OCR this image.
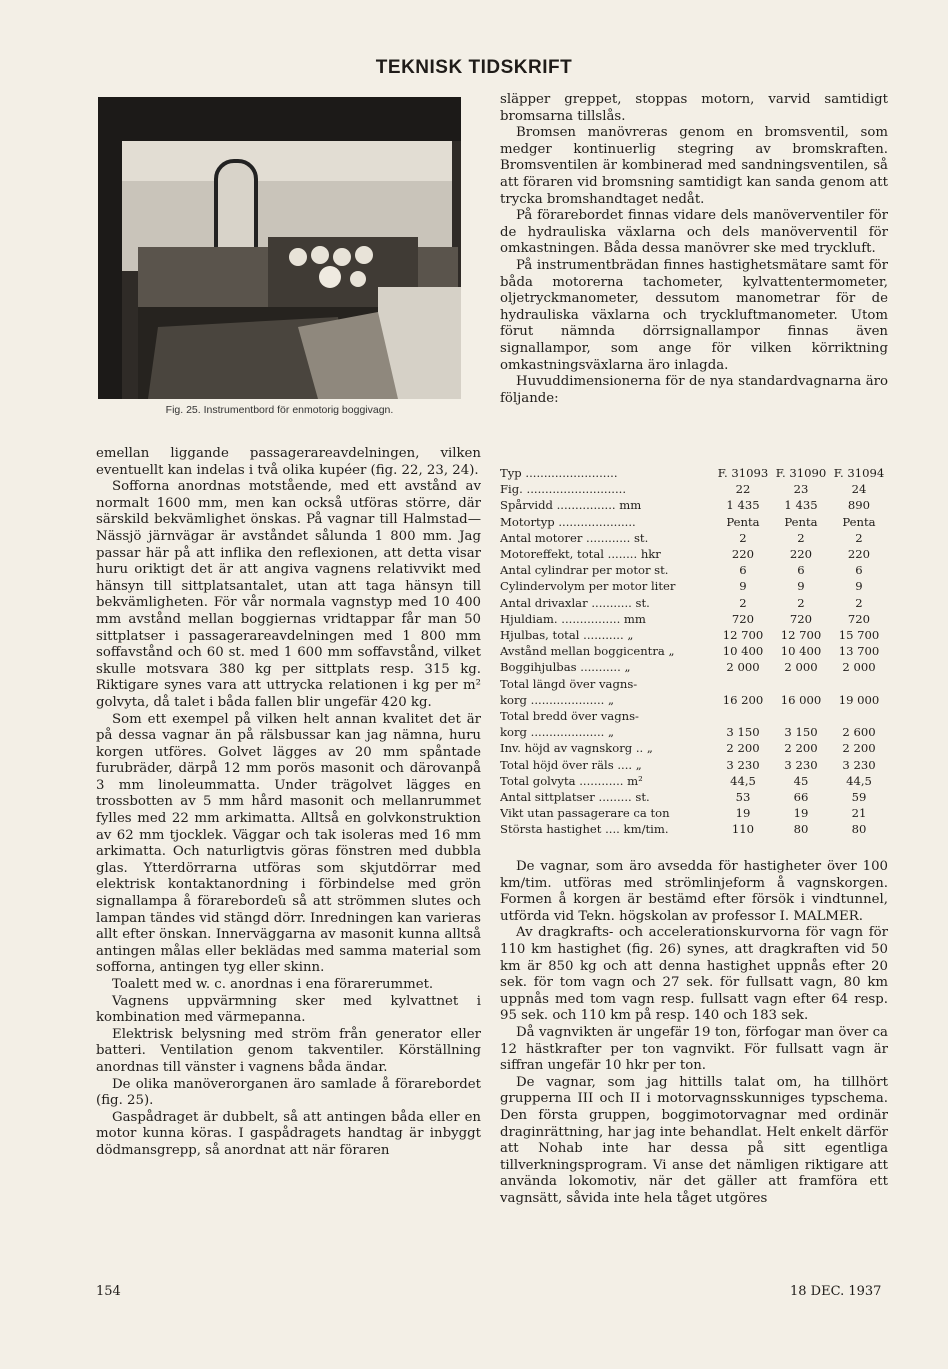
TEKNISK TIDSKRIFT
Fig. 25. Instrumentbord för enmotorig boggivagn.

emellan liggande passagerareavdelningen, vilken eventuellt kan indelas i två olika kupéer (fig. 22, 23, 24).

Sofforna anordnas motstående, med ett avstånd av normalt 1600 mm, men kan också utföras större, där särskild bekvämlighet önskas. På vagnar till Halmstad—Nässjö järnvägar är avståndet sålunda 1 800 mm. Jag passar här på att inflika den reflexionen, att detta visar huru oriktigt det är att angiva vagnens relativvikt med hänsyn till sittplatsantalet, utan att taga hänsyn till bekvämligheten. För vår normala vagnstyp med 10 400 mm avstånd mellan boggiernas vridtappar får man 50 sittplatser i passagerareavdelningen med 1 800 mm soffavstånd och 60 st. med 1 600 mm soffavstånd, vilket skulle motsvara 380 kg per sittplats resp. 315 kg. Riktigare synes vara att uttrycka relationen i kg per m² golvyta, då talet i båda fallen blir ungefär 420 kg.

Som ett exempel på vilken helt annan kvalitet det är på dessa vagnar än på rälsbussar kan jag nämna, huru korgen utföres. Golvet lägges av 20 mm spåntade furubräder, därpå 12 mm porös masonit och därovanpå 3 mm linoleummatta. Under trägolvet lägges en trossbotten av 5 mm hård masonit och mellanrummet fylles med 22 mm arkimatta. Alltså en golvkonstruktion av 62 mm tjocklek. Väggar och tak isoleras med 16 mm arkimatta. Och naturligtvis göras fönstren med dubbla glas. Ytterdörrarna utföras som skjutdörrar med elektrisk kontaktanordning i förbindelse med grön signallampa å förarebordeն så att strömmen slutes och lampan tändes vid stängd dörr. Inredningen kan varieras allt efter önskan. Innerväggarna av masonit kunna alltså antingen målas eller beklädas med samma material som sofforna, antingen tyg eller skinn.

Toalett med w. c. anordnas i ena förarerummet.

Vagnens uppvärmning sker med kylvattnet i kombination med värmepanna.

Elektrisk belysning med ström från generator eller batteri. Ventilation genom takventiler. Körställning anordnas till vänster i vagnens båda ändar.

De olika manöverorganen äro samlade å förarebordet (fig. 25).

Gaspådraget är dubbelt, så att antingen båda eller en motor kunna köras. I gaspådragets handtag är inbyggt dödmansgrepp, så anordnat att när föraren

släpper greppet, stoppas motorn, varvid samtidigt bromsarna tillslås.

Bromsen manövreras genom en bromsventil, som medger kontinuerlig stegring av bromskraften. Bromsventilen är kombinerad med sandningsventilen, så att föraren vid bromsning samtidigt kan sanda genom att trycka bromshandtaget nedåt.

På förarebordet finnas vidare dels manöverventiler för de hydrauliska växlarna och dels manöverventil för omkastningen. Båda dessa manövrer ske med tryckluft.

På instrumentbrädan finnes hastighetsmätare samt för båda motorerna tachometer, kylvattentermometer, oljetryckmanometer, dessutom manometrar för de hydrauliska växlarna och tryckluftmanometer. Utom förut nämnda dörrsignallampor finnas även signallampor, som ange för vilken körriktning omkastningsväxlarna äro inlagda.

Huvuddimensionerna för de nya standardvagnarna äro följande:

Typ .........................	F. 31093 F. 31090 F. 31094
Fig. ...........................	22	23	24
Spårvidd ................ mm	1 435	1 435	890
Motortyp .....................	Penta	Penta	Penta
Antal motorer ............ st.	2	2	2
Motoreffekt, total ........ hkr	220	220	220
Antal cylindrar per motor st.	6	6	6
Cylindervolym per motor liter	9	9	9
Antal drivaxlar ........... st.	2	2	2
Hjuldiam. ................ mm	720	720	720
Hjulbas, total ........... „	12 700	12 700	15 700
Avstånd mellan boggicentra „	10 400	10 400	13 700
Boggihjulbas ........... „	2 000	2 000	2 000
Total längd över vagns-
korg .................... „	16 200	16 000	19 000
Total bredd över vagns-
korg .................... „	3 150	3 150	2 600
Inv. höjd av vagnskorg .. „	2 200	2 200	2 200
Total höjd över räls .... „	3 230	3 230	3 230
Total golvyta ............ m²	44,5	45	44,5
Antal sittplatser ......... st.	53	66	59
Vikt utan passagerare ca ton	19	19	21
Största hastighet .... km/tim.	110	80	80

De vagnar, som äro avsedda för hastigheter över 100 km/tim. utföras med strömlinjeform å vagnskorgen. Formen å korgen är bestämd efter försök i vindtunnel, utförda vid Tekn. högskolan av professor I. MALMER.

Av dragkrafts- och accelerationskurvorna för vagn för 110 km hastighet (fig. 26) synes, att dragkraften vid 50 km är 850 kg och att denna hastighet uppnås efter 20 sek. för tom vagn och 27 sek. för fullsatt vagn, 80 km uppnås med tom vagn resp. fullsatt vagn efter 64 resp. 95 sek. och 110 km på resp. 140 och 183 sek.

Då vagnvikten är ungefär 19 ton, förfogar man över ca 12 hästkrafter per ton vagnvikt. För fullsatt vagn är siffran ungefär 10 hkr per ton.

De vagnar, som jag hittills talat om, ha tillhört grupperna III och II i motorvagnsskunniges typschema. Den första gruppen, boggimotorvagnar med ordinär draginrättning, har jag inte behandlat. Helt enkelt därför att Nohab inte har dessa på sitt egentliga tillverkningsprogram. Vi anse det nämligen riktigare att använda lokomotiv, när det gäller att framföra ett vagnsätt, såvida inte hela tåget utgöres

154	18 DEC. 1937
